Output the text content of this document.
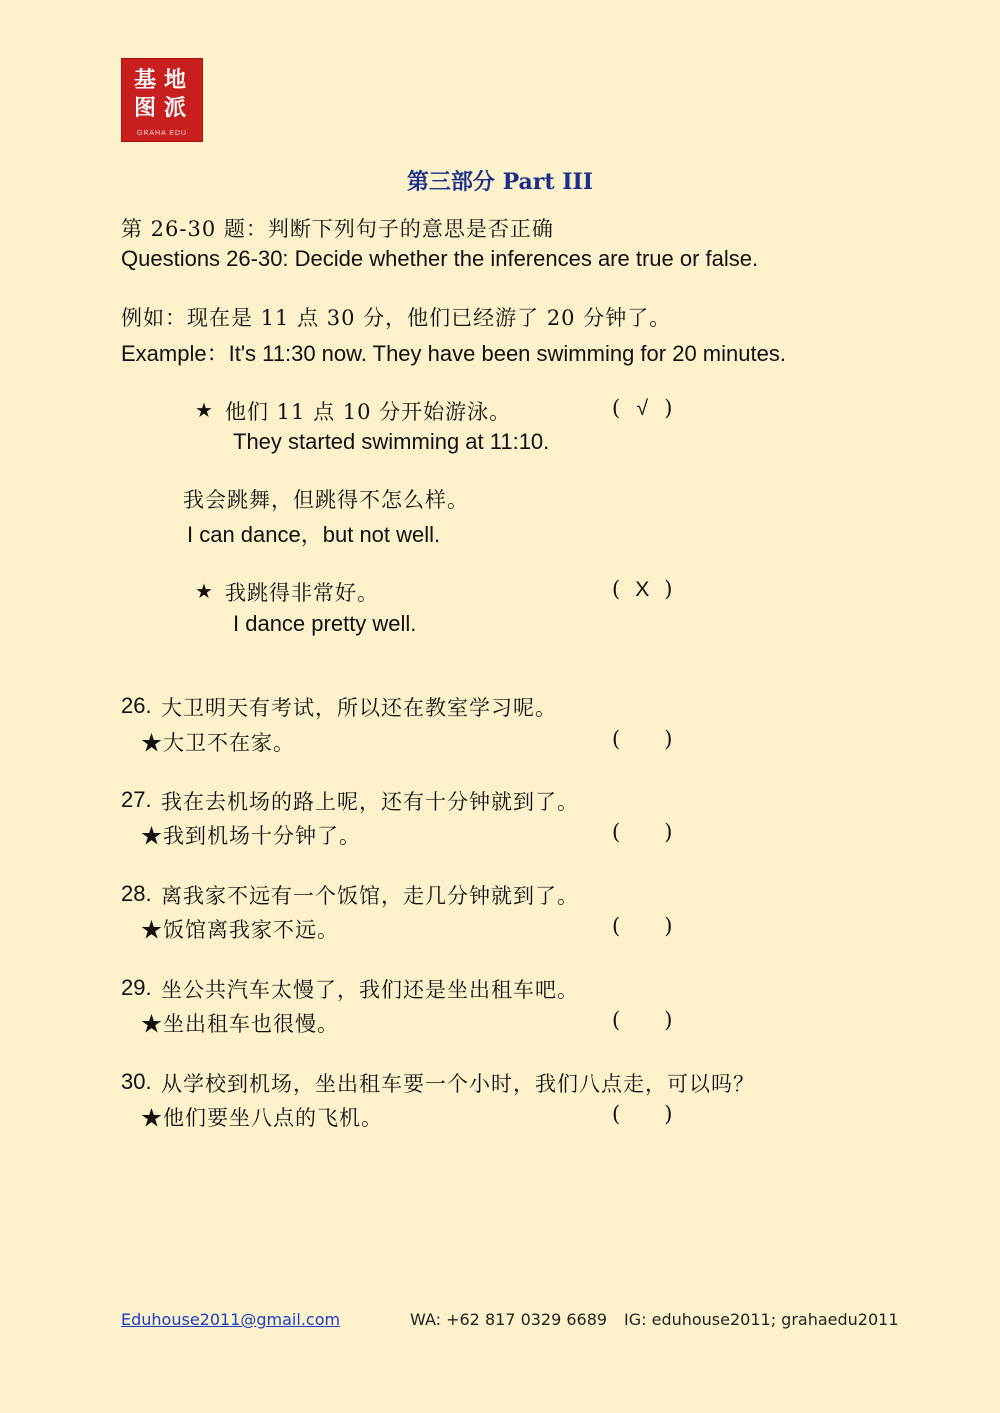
基 地
图 派
GRAHA EDU
第三部分 Part III
第 26-30 题：判断下列句子的意思是否正确
Questions 26-30: Decide whether the inferences are true or false.
例如：现在是 11 点 30 分，他们已经游了 20 分钟了。
Example：It's 11:30 now. They have been swimming for 20 minutes.
★ 他们 11 点 10 分开始游泳。	( √ )
They started swimming at 11:10.
我会跳舞，但跳得不怎么样。
I can dance，but not well.
★ 我跳得非常好。	( X )
I dance pretty well.
26. 大卫明天有考试，所以还在教室学习呢。
★大卫不在家。	( )
27. 我在去机场的路上呢，还有十分钟就到了。
★我到机场十分钟了。	( )
28. 离我家不远有一个饭馆，走几分钟就到了。
★饭馆离我家不远。	( )
29. 坐公共汽车太慢了，我们还是坐出租车吧。
★坐出租车也很慢。	( )
30. 从学校到机场，坐出租车要一个小时，我们八点走，可以吗？
★他们要坐八点的飞机。	( )
Eduhouse2011@gmail.com	WA: +62 817 0329 6689 IG: eduhouse2011; grahaedu2011
